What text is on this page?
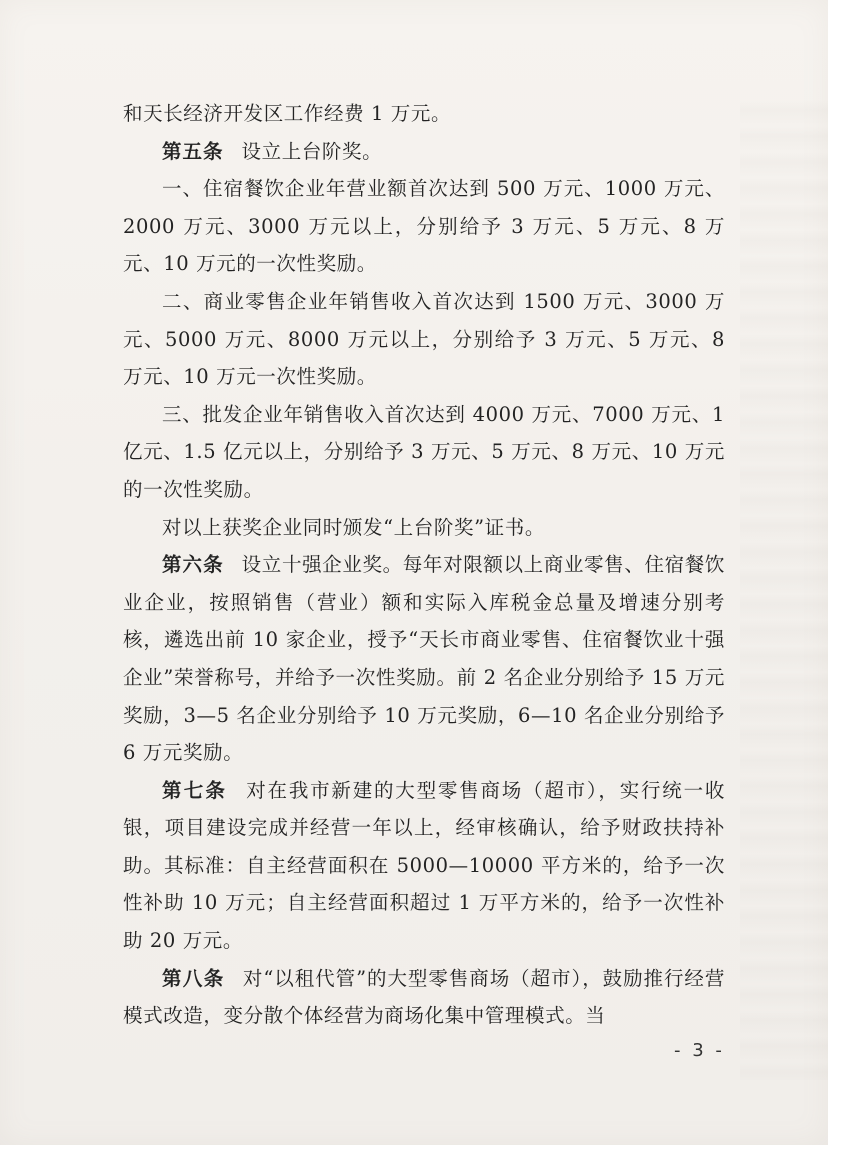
和天长经济开发区工作经费 1 万元。

第五条 设立上台阶奖。

一、住宿餐饮企业年营业额首次达到 500 万元、1000 万元、2000 万元、3000 万元以上，分别给予 3 万元、5 万元、8 万元、10 万元的一次性奖励。

二、商业零售企业年销售收入首次达到 1500 万元、3000 万元、5000 万元、8000 万元以上，分别给予 3 万元、5 万元、8 万元、10 万元一次性奖励。

三、批发企业年销售收入首次达到 4000 万元、7000 万元、1 亿元、1.5 亿元以上，分别给予 3 万元、5 万元、8 万元、10 万元的一次性奖励。

对以上获奖企业同时颁发“上台阶奖”证书。

第六条 设立十强企业奖。每年对限额以上商业零售、住宿餐饮业企业，按照销售（营业）额和实际入库税金总量及增速分别考核，遴选出前 10 家企业，授予“天长市商业零售、住宿餐饮业十强企业”荣誉称号，并给予一次性奖励。前 2 名企业分别给予 15 万元奖励，3—5 名企业分别给予 10 万元奖励，6—10 名企业分别给予 6 万元奖励。

第七条 对在我市新建的大型零售商场（超市），实行统一收银，项目建设完成并经营一年以上，经审核确认，给予财政扶持补助。其标准：自主经营面积在 5000—10000 平方米的，给予一次性补助 10 万元；自主经营面积超过 1 万平方米的，给予一次性补助 20 万元。

第八条 对“以租代管”的大型零售商场（超市），鼓励推行经营模式改造，变分散个体经营为商场化集中管理模式。当

- 3 -
